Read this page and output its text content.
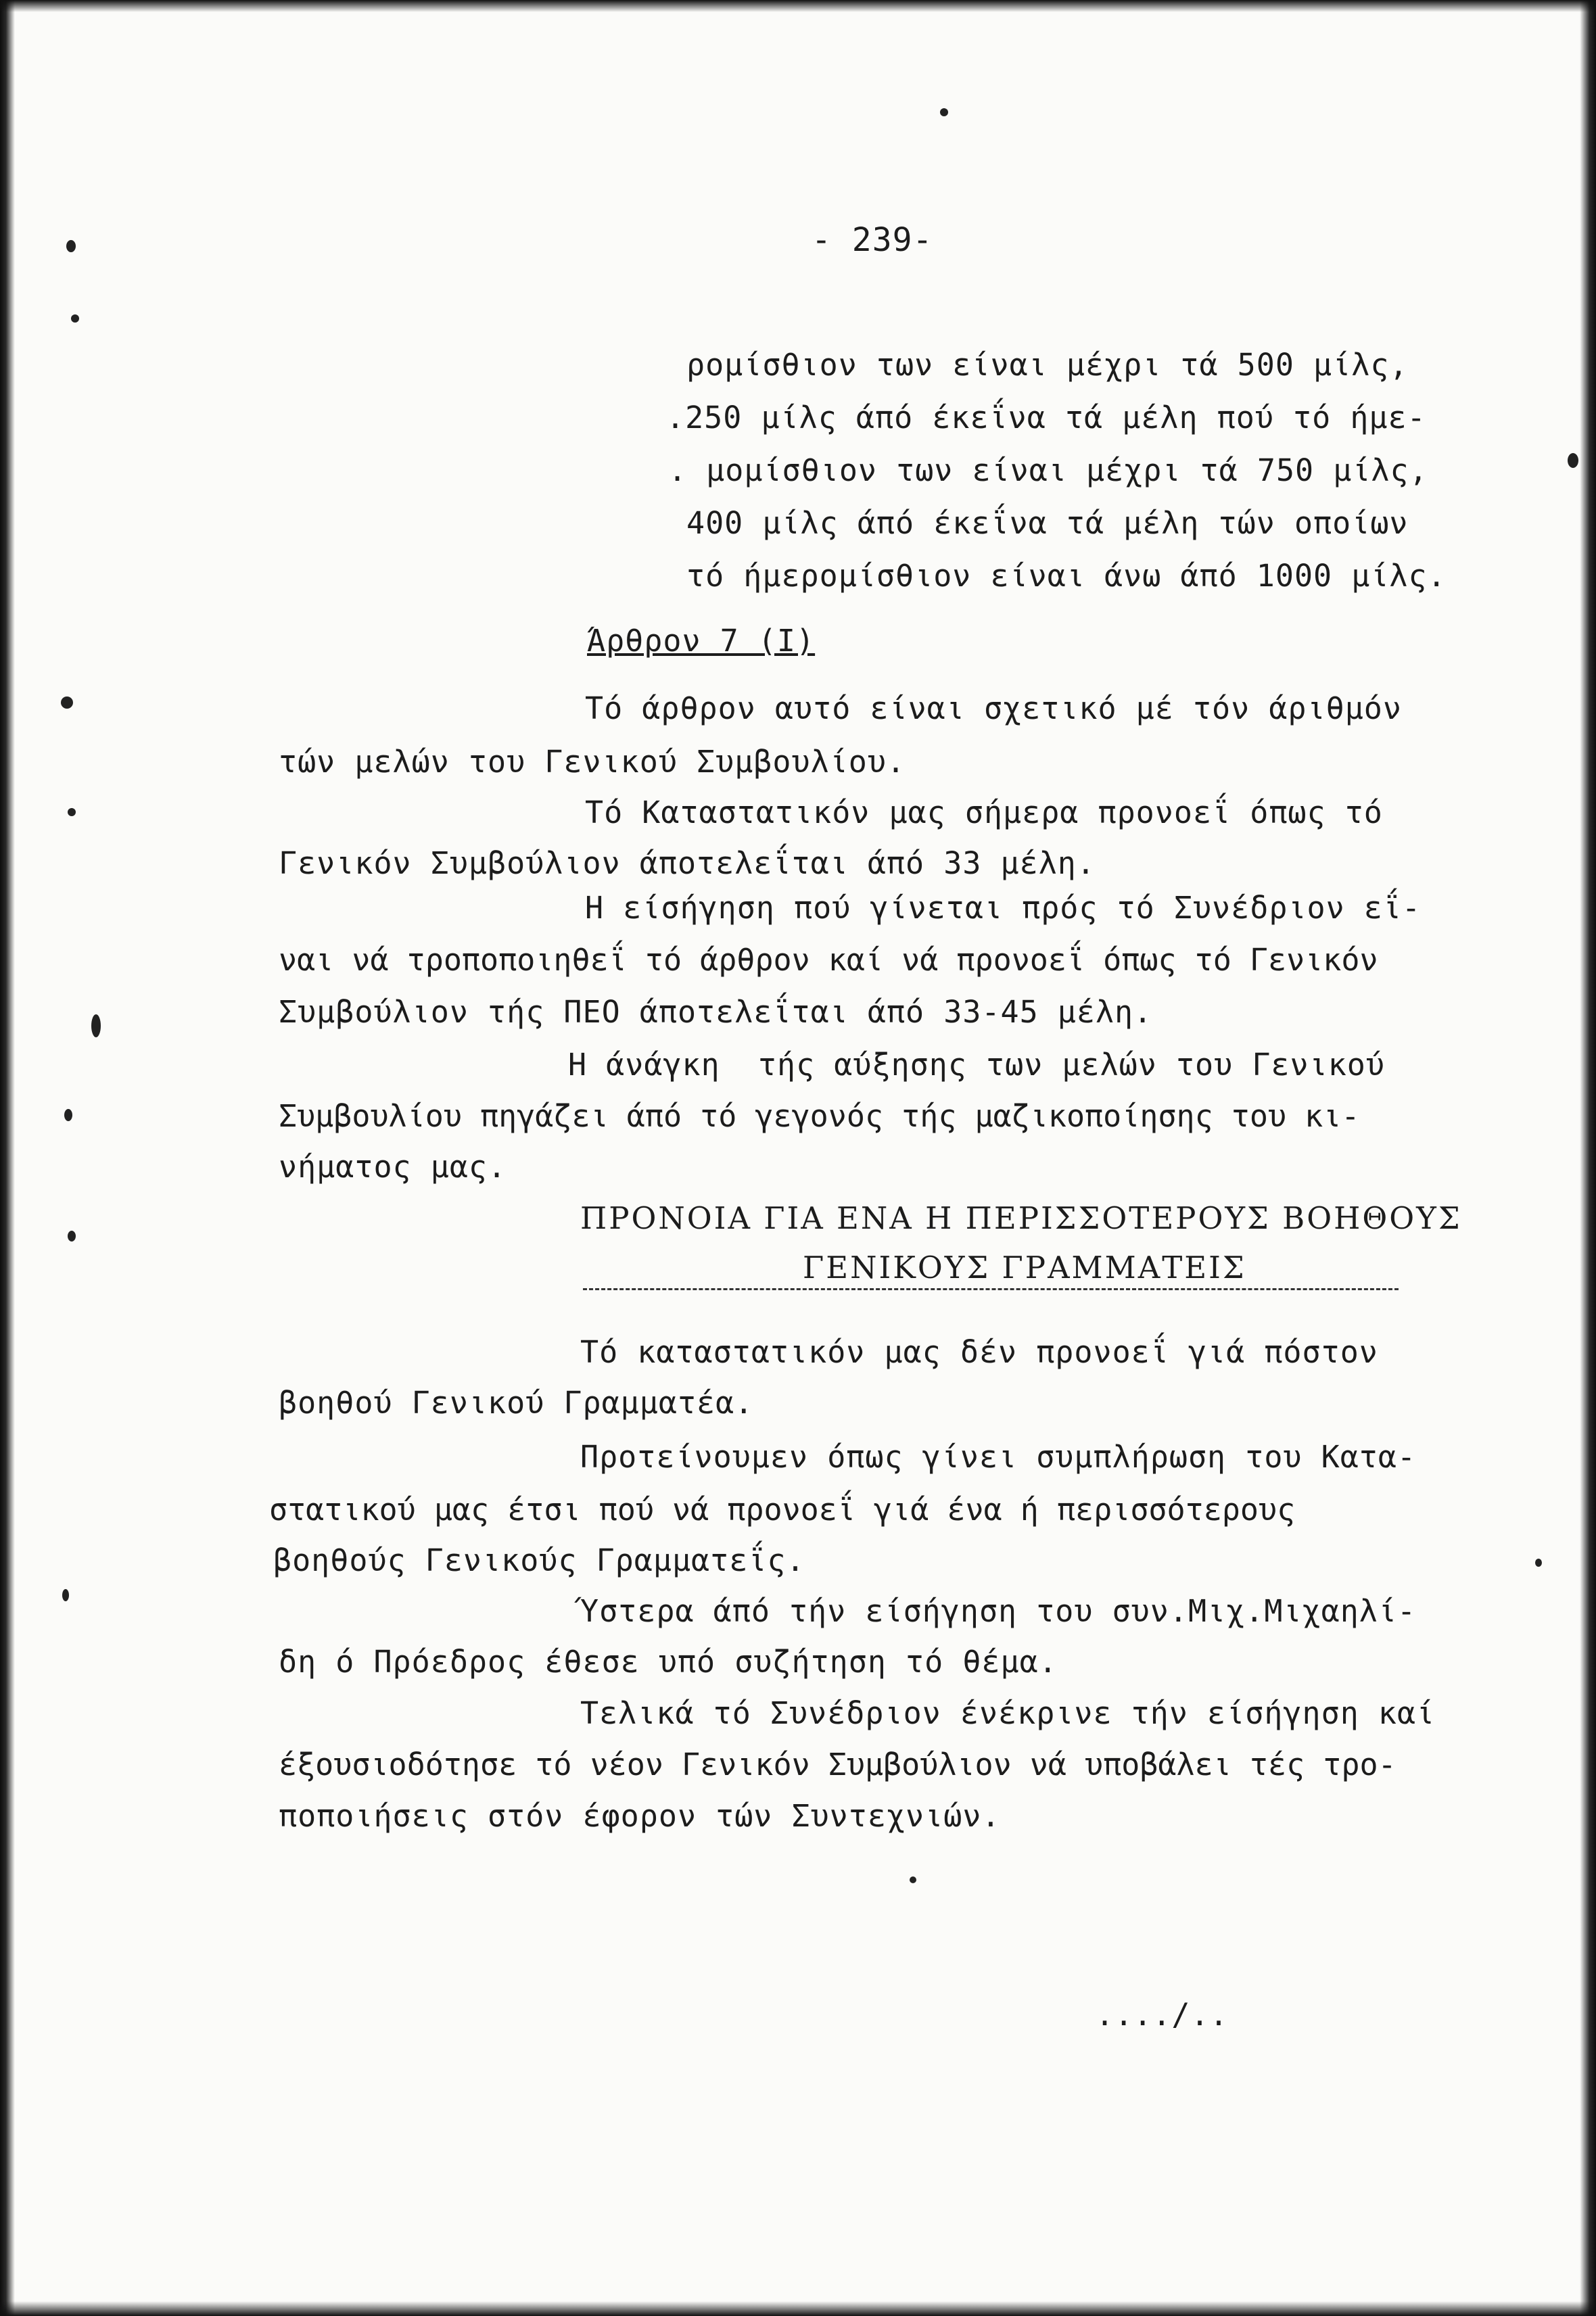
- 239-
ρομίσθιον των είναι μέχρι τά 500 μίλς,
.250 μίλς άπό έκεΐνα τά μέλη πού τό ήμε-
. μομίσθιον των είναι μέχρι τά 750 μίλς,
400 μίλς άπό έκεΐνα τά μέλη τών οποίων
τό ήμερομίσθιον είναι άνω άπό 1000 μίλς.
Άρθρον 7 (Ι)
Τό άρθρον αυτό είναι σχετικό μέ τόν άριθμόν
τών μελών του Γενικού Συμβουλίου.
Τό Καταστατικόν μας σήμερα προνοεΐ όπως τό
Γενικόν Συμβούλιον άποτελεΐται άπό 33 μέλη.
Η είσήγηση πού γίνεται πρός τό Συνέδριον εΐ-
ναι νά τροποποιηθεΐ τό άρθρον καί νά προνοεΐ όπως τό Γενικόν
Συμβούλιον τής ΠΕΟ άποτελεΐται άπό 33-45 μέλη.
Η άνάγκη  τής αύξησης των μελών του Γενικού
Συμβουλίου πηγάζει άπό τό γεγονός τής μαζικοποίησης του κι-
νήματος μας.
ΠΡΟΝΟΙΑ ΓΙΑ ΕΝΑ Η ΠΕΡΙΣΣΟΤΕΡΟΥΣ ΒΟΗΘΟΥΣ
ΓΕΝΙΚΟΥΣ ΓΡΑΜΜΑΤΕΙΣ
Τό καταστατικόν μας δέν προνοεΐ γιά πόστον
βοηθού Γενικού Γραμματέα.
Προτείνουμεν όπως γίνει συμπλήρωση του Κατα-
στατικού μας έτσι πού νά προνοεΐ γιά ένα ή περισσότερους
βοηθούς Γενικούς Γραμματεΐς.
Ύστερα άπό τήν είσήγηση του συν.Μιχ.Μιχαηλί-
δη ό Πρόεδρος έθεσε υπό συζήτηση τό θέμα.
Τελικά τό Συνέδριον ένέκρινε τήν είσήγηση καί
έξουσιοδότησε τό νέον Γενικόν Συμβούλιον νά υποβάλει τές τρο-
ποποιήσεις στόν έφορον τών Συντεχνιών.
..../..
